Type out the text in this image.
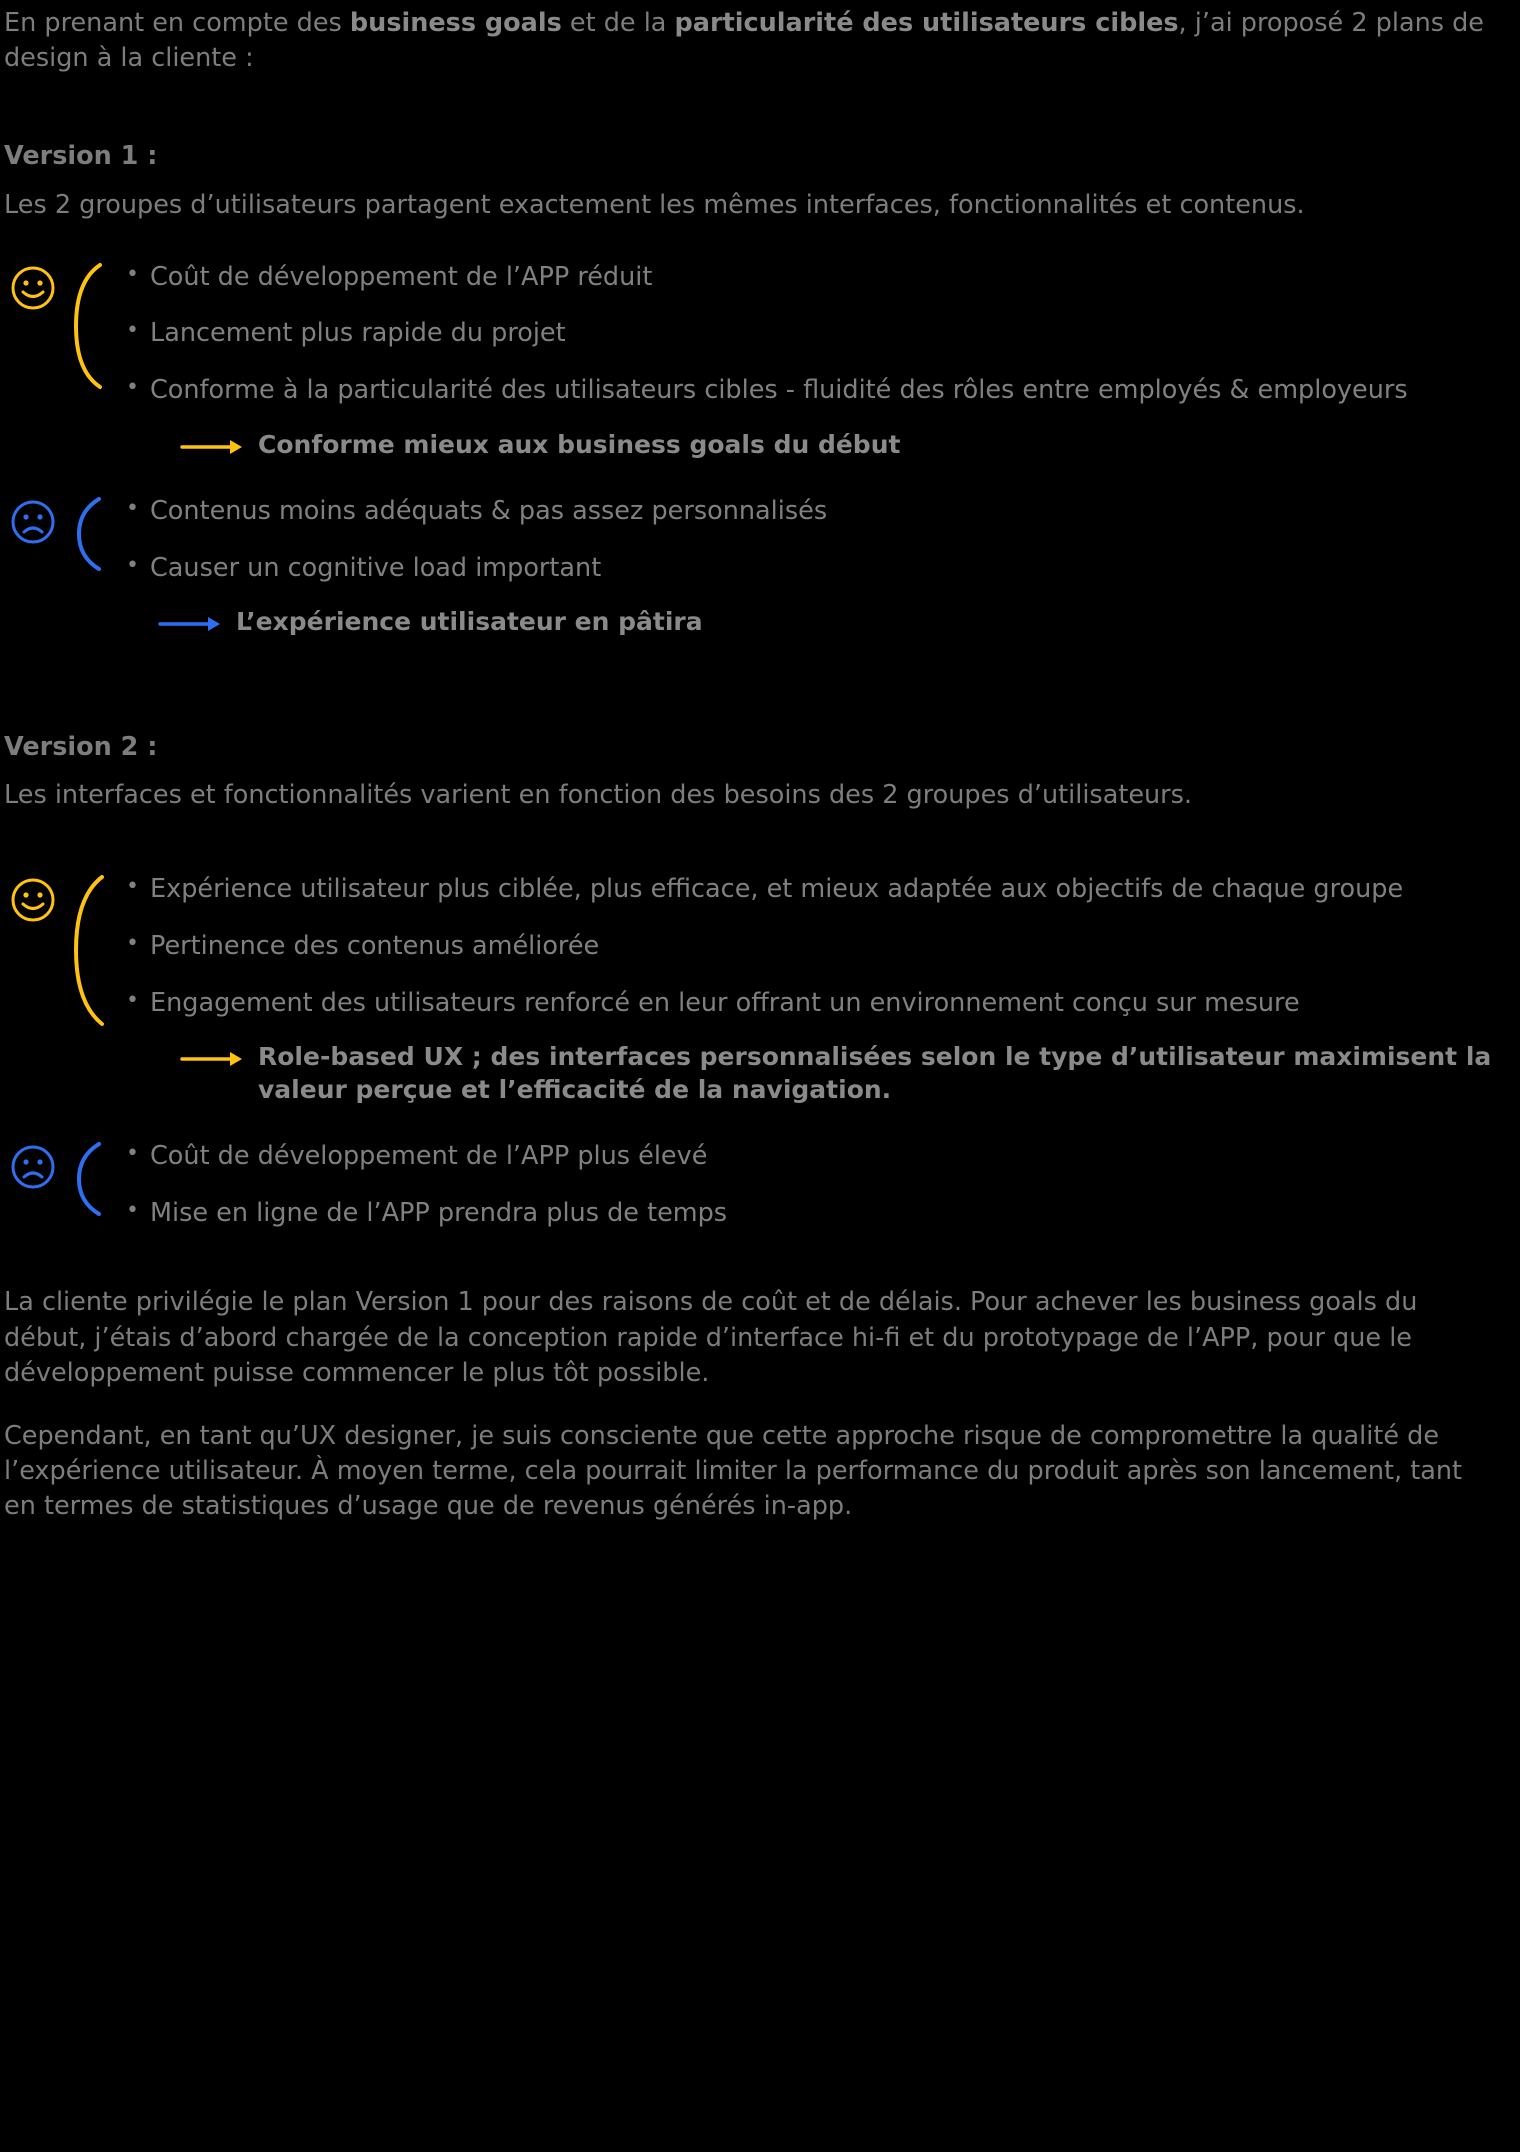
En prenant en compte des business goals et de la particularité des utilisateurs cibles, j’ai proposé 2 plans de design à la cliente :

Version 1 :
Les 2 groupes d’utilisateurs partagent exactement les mêmes interfaces, fonctionnalités et contenus.
• Coût de développement de l’APP réduit
• Lancement plus rapide du projet
• Conforme à la particularité des utilisateurs cibles - fluidité des rôles entre employés & employeurs
Conforme mieux aux business goals du début
• Contenus moins adéquats & pas assez personnalisés
• Causer un cognitive load important
L’expérience utilisateur en pâtira
Version 2 :
Les interfaces et fonctionnalités varient en fonction des besoins des 2 groupes d’utilisateurs.
• Expérience utilisateur plus ciblée, plus efficace, et mieux adaptée aux objectifs de chaque groupe
• Pertinence des contenus améliorée
• Engagement des utilisateurs renforcé en leur offrant un environnement conçu sur mesure
Role-based UX ; des interfaces personnalisées selon le type d’utilisateur maximisent la valeur perçue et l’efficacité de la navigation.
• Coût de développement de l’APP plus élevé
• Mise en ligne de l’APP prendra plus de temps

La cliente privilégie le plan Version 1 pour des raisons de coût et de délais. Pour achever les business goals du début, j’étais d’abord chargée de la conception rapide d’interface hi-fi et du prototypage de l’APP, pour que le développement puisse commencer le plus tôt possible.

Cependant, en tant qu’UX designer, je suis consciente que cette approche risque de compromettre la qualité de l’expérience utilisateur. À moyen terme, cela pourrait limiter la performance du produit après son lancement, tant en termes de statistiques d’usage que de revenus générés in-app.
